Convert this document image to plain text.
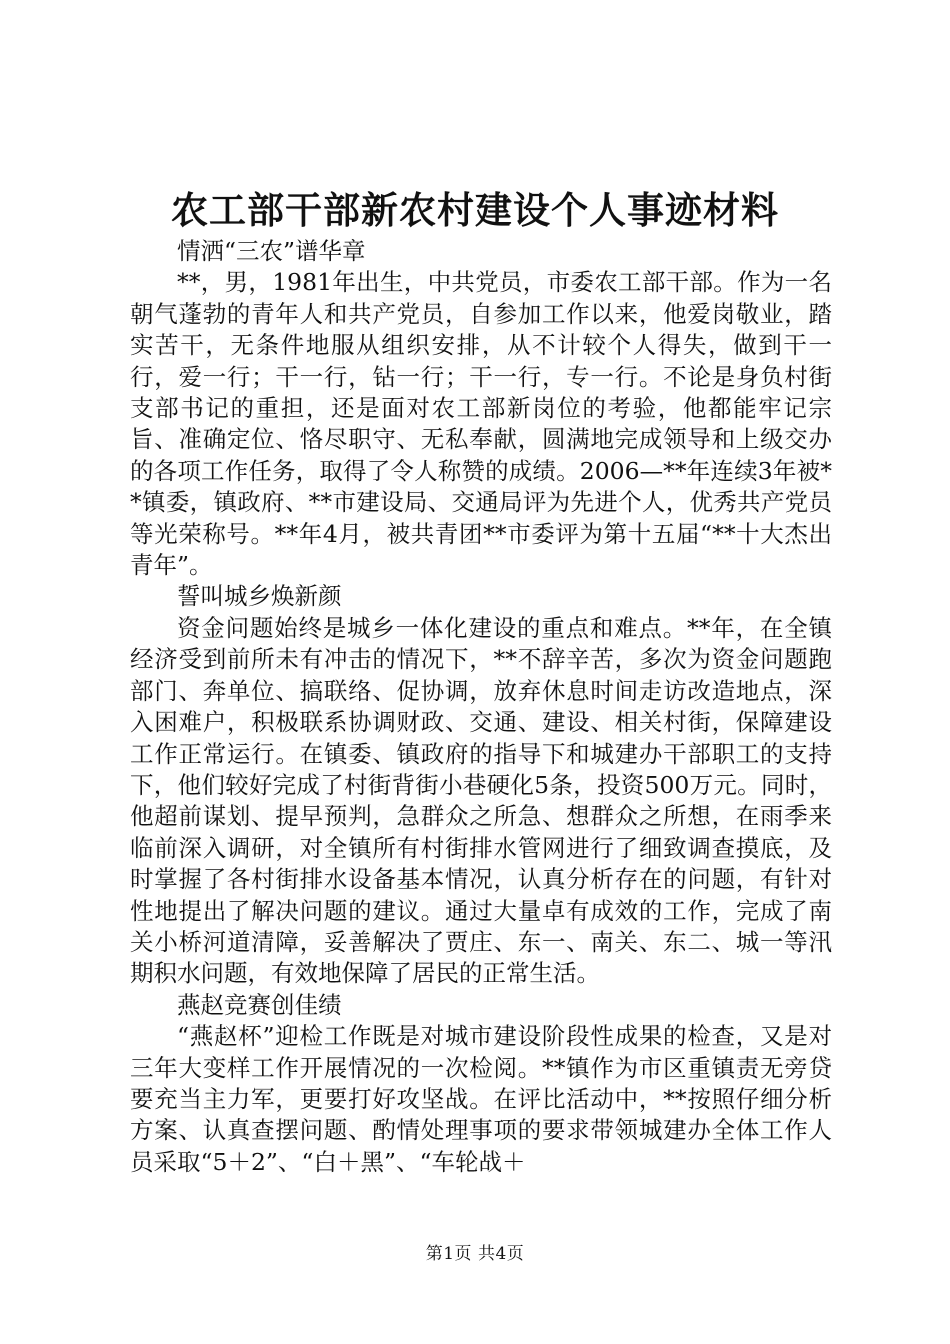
农工部干部新农村建设个人事迹材料

情洒“三农”谱华章

**，男，1981年出生，中共党员，市委农工部干部。作为一名朝气蓬勃的青年人和共产党员，自参加工作以来，他爱岗敬业，踏实苦干，无条件地服从组织安排，从不计较个人得失，做到干一行，爱一行；干一行，钻一行；干一行，专一行。不论是身负村街支部书记的重担，还是面对农工部新岗位的考验，他都能牢记宗旨、准确定位、恪尽职守、无私奉献，圆满地完成领导和上级交办的各项工作任务，取得了令人称赞的成绩。2006—**年连续3年被**镇委，镇政府、**市建设局、交通局评为先进个人，优秀共产党员等光荣称号。**年4月，被共青团**市委评为第十五届“**十大杰出青年”。

誓叫城乡焕新颜

资金问题始终是城乡一体化建设的重点和难点。**年，在全镇经济受到前所未有冲击的情况下，**不辞辛苦，多次为资金问题跑部门、奔单位、搞联络、促协调，放弃休息时间走访改造地点，深入困难户，积极联系协调财政、交通、建设、相关村街，保障建设工作正常运行。在镇委、镇政府的指导下和城建办干部职工的支持下，他们较好完成了村街背街小巷硬化5条，投资500万元。同时，他超前谋划、提早预判，急群众之所急、想群众之所想，在雨季来临前深入调研，对全镇所有村街排水管网进行了细致调查摸底，及时掌握了各村街排水设备基本情况，认真分析存在的问题，有针对性地提出了解决问题的建议。通过大量卓有成效的工作，完成了南关小桥河道清障，妥善解决了贾庄、东一、南关、东二、城一等汛期积水问题，有效地保障了居民的正常生活。

燕赵竞赛创佳绩

“燕赵杯”迎检工作既是对城市建设阶段性成果的检查，又是对三年大变样工作开展情况的一次检阅。**镇作为市区重镇责无旁贷要充当主力军，更要打好攻坚战。在评比活动中，**按照仔细分析方案、认真查摆问题、酌情处理事项的要求带领城建办全体工作人员采取“5＋2”、“白＋黑”、“车轮战＋

第1页 共4页
